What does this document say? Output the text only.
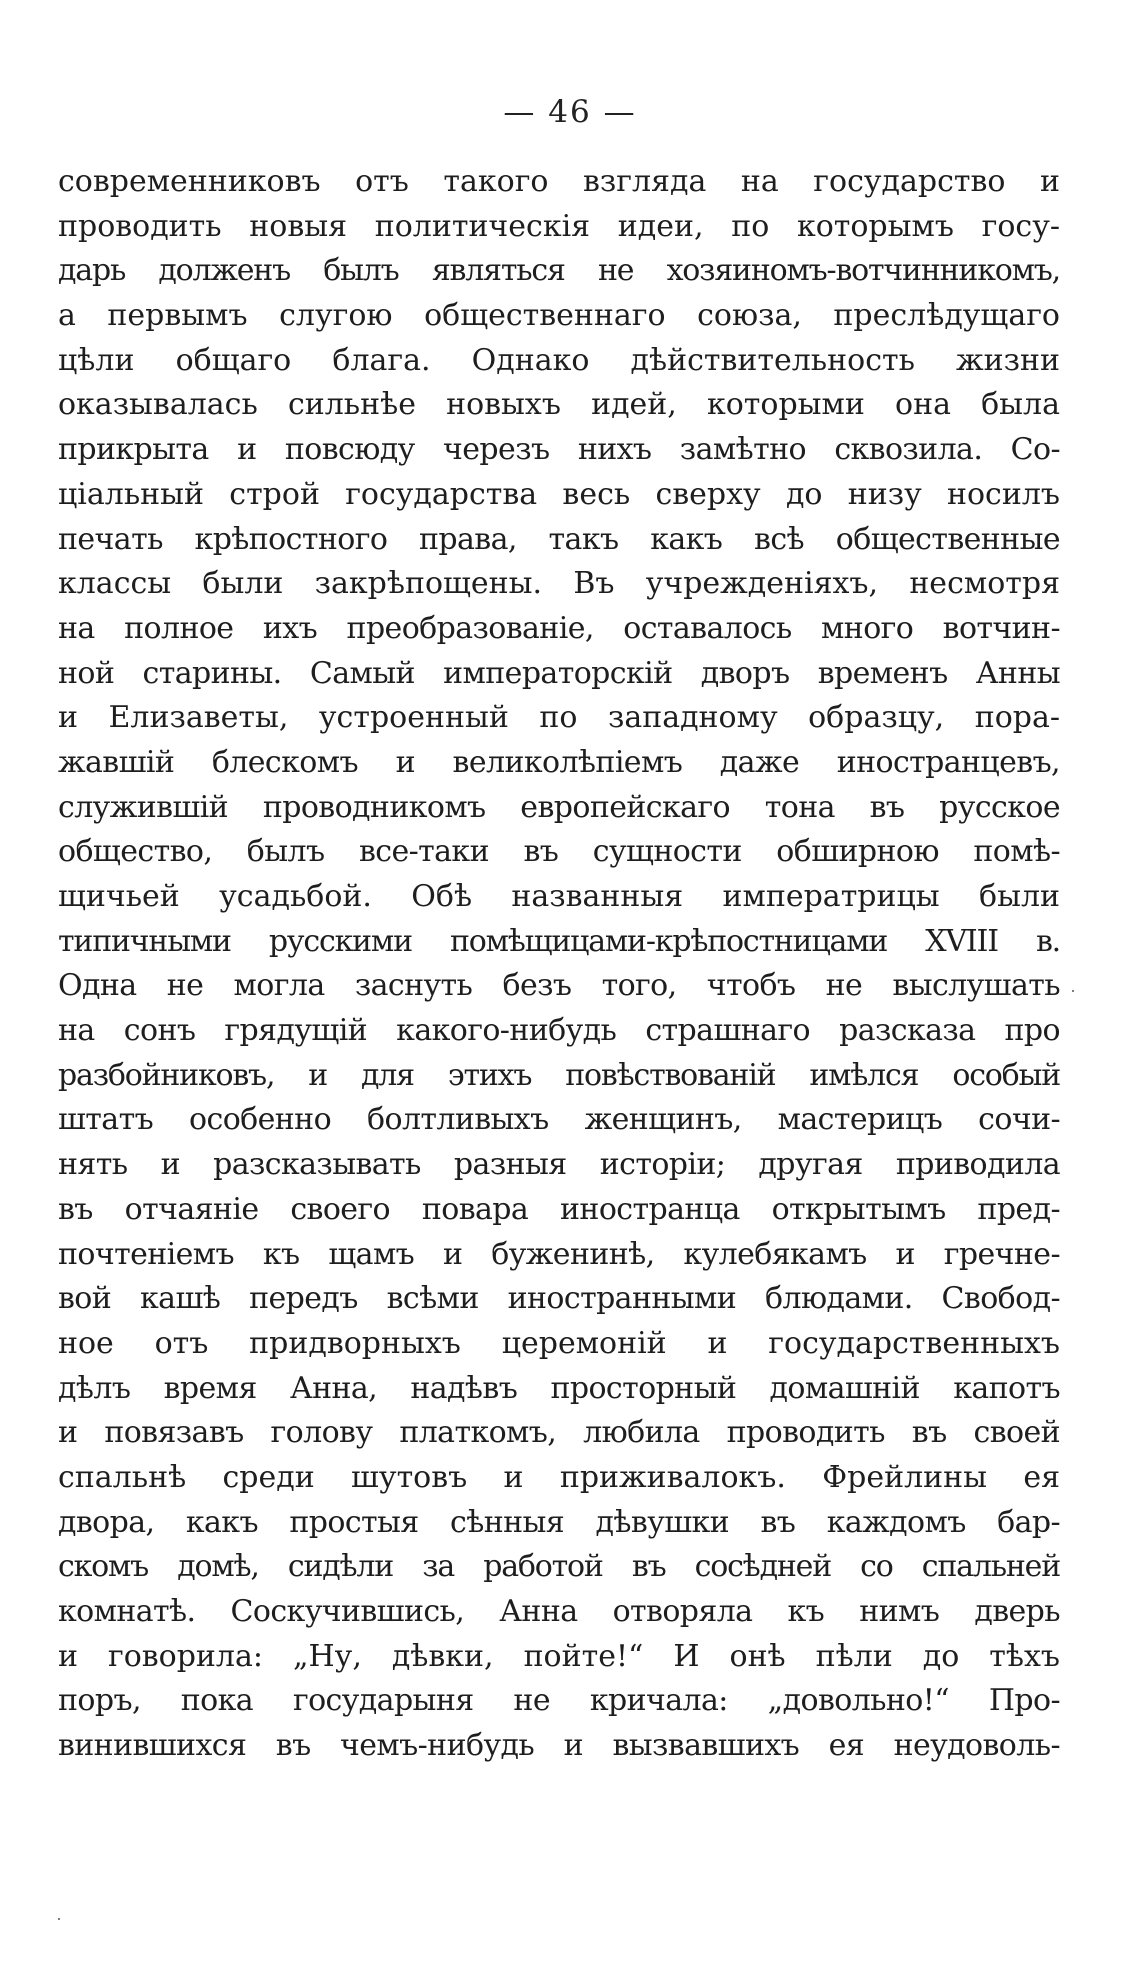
— 46 —
современниковъ отъ такого взгляда на государство и
проводить новыя политическія идеи, по которымъ госу-
дарь долженъ былъ являться не хозяиномъ-вотчинникомъ,
а первымъ слугою общественнаго союза, преслѣдущаго
цѣли общаго блага. Однако дѣйствительность жизни
оказывалась сильнѣе новыхъ идей, которыми она была
прикрыта и повсюду черезъ нихъ замѣтно сквозила. Со-
ціальный строй государства весь сверху до низу носилъ
печать крѣпостного права, такъ какъ всѣ общественные
классы были закрѣпощены. Въ учрежденіяхъ, несмотря
на полное ихъ преобразованіе, оставалось много вотчин-
ной старины. Самый императорскій дворъ временъ Анны
и Елизаветы, устроенный по западному образцу, пора-
жавшій блескомъ и великолѣпіемъ даже иностранцевъ,
служившій проводникомъ европейскаго тона въ русское
общество, былъ все-таки въ сущности обширною помѣ-
щичьей усадьбой. Обѣ названныя императрицы были
типичными русскими помѣщицами-крѣпостницами XVIII в.
Одна не могла заснуть безъ того, чтобъ не выслушать
на сонъ грядущій какого-нибудь страшнаго разсказа про
разбойниковъ, и для этихъ повѣствованій имѣлся особый
штатъ особенно болтливыхъ женщинъ, мастерицъ сочи-
нять и разсказывать разныя исторіи; другая приводила
въ отчаяніе своего повара иностранца открытымъ пред-
почтеніемъ къ щамъ и буженинѣ, кулебякамъ и гречне-
вой кашѣ передъ всѣми иностранными блюдами. Свобод-
ное отъ придворныхъ церемоній и государственныхъ
дѣлъ время Анна, надѣвъ просторный домашній капотъ
и повязавъ голову платкомъ, любила проводить въ своей
спальнѣ среди шутовъ и приживалокъ. Фрейлины ея
двора, какъ простыя сѣнныя дѣвушки въ каждомъ бар-
скомъ домѣ, сидѣли за работой въ сосѣдней со спальней
комнатѣ. Соскучившись, Анна отворяла къ нимъ дверь
и говорила: „Ну, дѣвки, пойте!“ И онѣ пѣли до тѣхъ
поръ, пока государыня не кричала: „довольно!“ Про-
винившихся въ чемъ-нибудь и вызвавшихъ ея неудоволь-
